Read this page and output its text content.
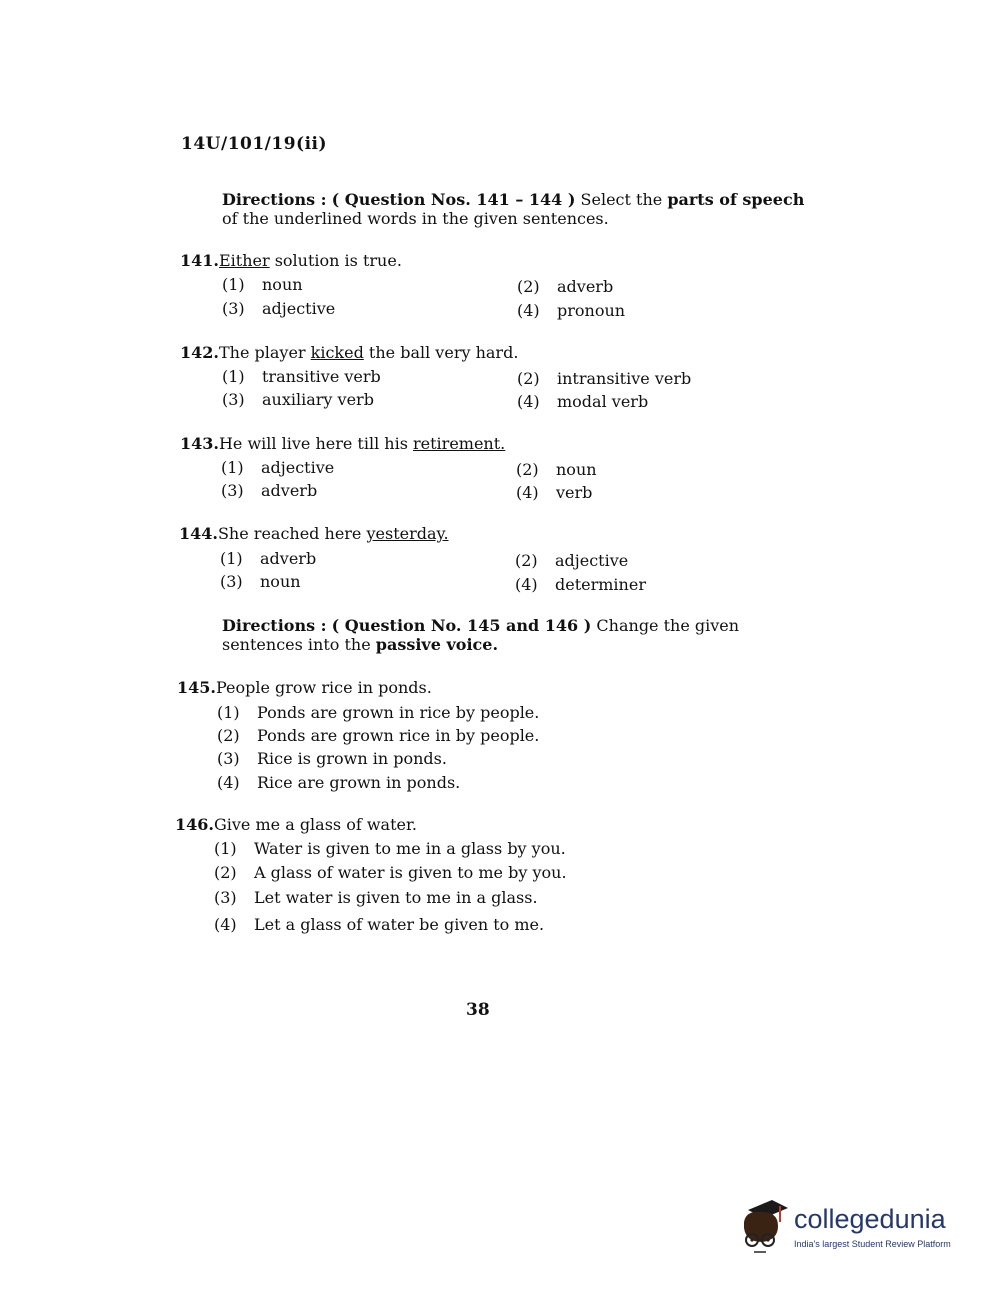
14U/101/19(ii)
Directions : ( Question Nos. 141 – 144 ) Select the parts of speech
of the underlined words in the given sentences.
141.Either solution is true.
(1) noun	(2) adverb
(3) adjective	(4) pronoun
142.The player kicked the ball very hard.
(1) transitive verb	(2) intransitive verb
(3) auxiliary verb	(4) modal verb
143.He will live here till his retirement.
(1) adjective	(2) noun
(3) adverb	(4) verb
144.She reached here yesterday.
(1) adverb	(2) adjective
(3) noun	(4) determiner
Directions : ( Question No. 145 and 146 ) Change the given sentences into the passive voice.
145.People grow rice in ponds.
(1) Ponds are grown in rice by people.
(2) Ponds are grown rice in by people.
(3) Rice is grown in ponds.
(4) Rice are grown in ponds.
146.Give me a glass of water.
(1) Water is given to me in a glass by you.
(2) A glass of water is given to me by you.
(3) Let water is given to me in a glass.
(4) Let a glass of water be given to me.
38
collegedunia
India's largest Student Review Platform
